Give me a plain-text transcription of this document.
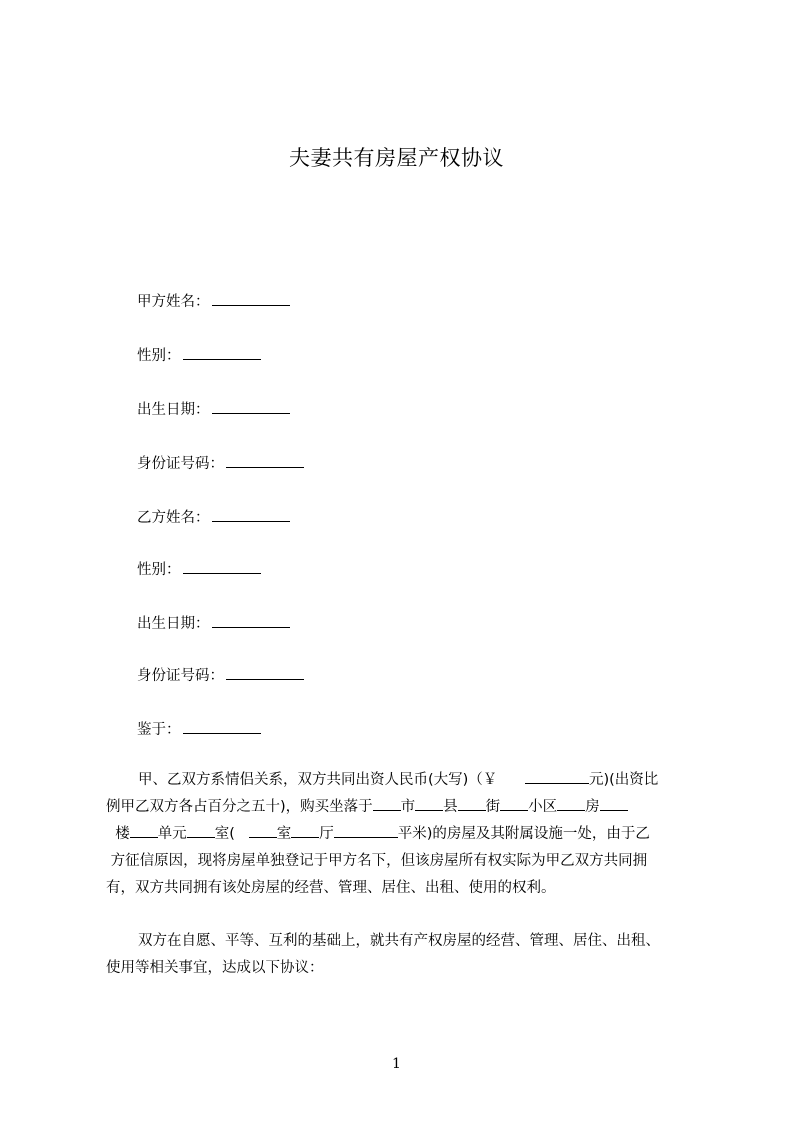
夫妻共有房屋产权协议
甲方姓名：
性别：
出生日期：
身份证号码：
乙方姓名：
性别：
出生日期：
身份证号码：
鉴于：

甲、乙双方系情侣关系，双方共同出资人民币(大写)（￥	元)(出资比

例甲乙双方各占百分之五十)，购买坐落于 市 县 街 小区 房

楼 单元 室(	室 厅	平米)的房屋及其附属设施一处，由于乙

方征信原因，现将房屋单独登记于甲方名下，但该房屋所有权实际为甲乙双方共同拥

有，双方共同拥有该处房屋的经营、管理、居住、出租、使用的权利。

双方在自愿、平等、互利的基础上，就共有产权房屋的经营、管理、居住、出租、

使用等相关事宜，达成以下协议：

1
